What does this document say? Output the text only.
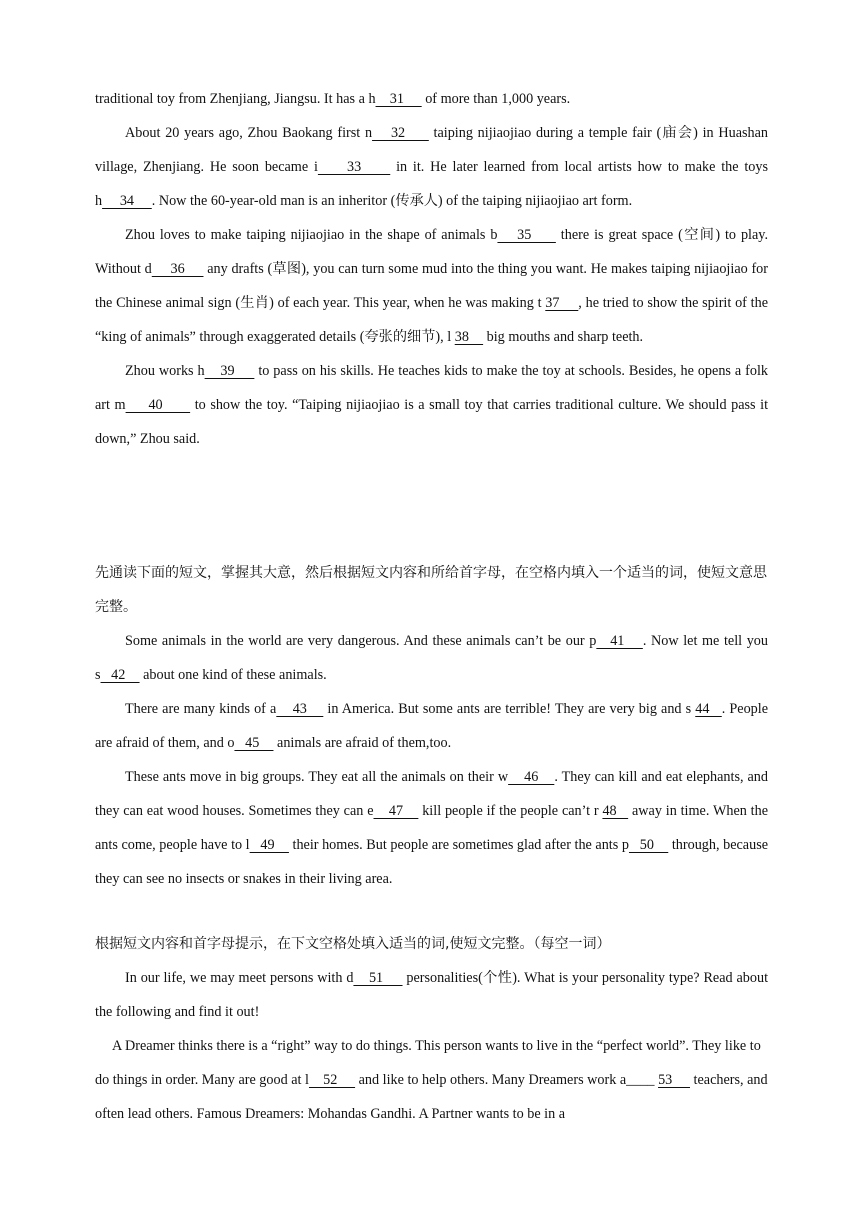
traditional toy from Zhenjiang, Jiangsu. It has a h    31      of more than 1,000 years.

About 20 years ago, Zhou Baokang first n    32      taiping nijiaojiao during a temple fair (庙会) in Huashan village, Zhenjiang. He soon became i     33      in it. He later learned from local artists how to make the toys h     34     . Now the 60-year-old man is an inheritor (传承人) of the taiping nijiaojiao art form.

Zhou loves to make taiping nijiaojiao in the shape of animals b    35      there is great space (空间) to play. Without d     36      any drafts (草图), you can turn some mud into the thing you want. He makes taiping nijiaojiao for the Chinese animal sign (生肖) of each year. This year, when he was making t 37     , he tried to show the spirit of the “king of animals” through exaggerated details (夸张的细节), l 38     big mouths and sharp teeth.

Zhou works h    39      to pass on his skills. He teaches kids to make the toy at schools. Besides, he opens a folk art m     40       to show the toy. “Taiping nijiaojiao is a small toy that carries traditional culture. We should pass it down,” Zhou said.

先通读下面的短文，掌握其大意，然后根据短文内容和所给首字母，在空格内填入一个适当的词，使短文意思完整。

Some animals in the world are very dangerous. And these animals can’t be our p   41    . Now let me tell you s   42     about one kind of these animals.

There are many kinds of a    43     in America. But some ants are terrible! They are very big and s 44   . People are afraid of them, and o   45     animals are afraid of them,too.

These ants move in big groups. They eat all the animals on their w    46    . They can kill and eat elephants, and they can eat wood houses. Sometimes they can e    47     kill people if the people can’t r 48    away in time. When the ants come, people have to l   49     their homes. But people are sometimes glad after the ants p   50     through, because they can see no insects or snakes in their living area.

根据短文内容和首字母提示，在下文空格处填入适当的词,使短文完整。（每空一词）

In our life, we may meet persons with d    51      personalities(个性). What is your personality type? Read about the following and find it out!

A Dreamer thinks there is a “right” way to do things. This person wants to live in the “perfect world”. They like to do things in order. Many are good at l    52      and like to help others. Many Dreamers work a____ 53      teachers, and often lead others. Famous Dreamers: Mohandas Gandhi. A Partner wants to be in a
